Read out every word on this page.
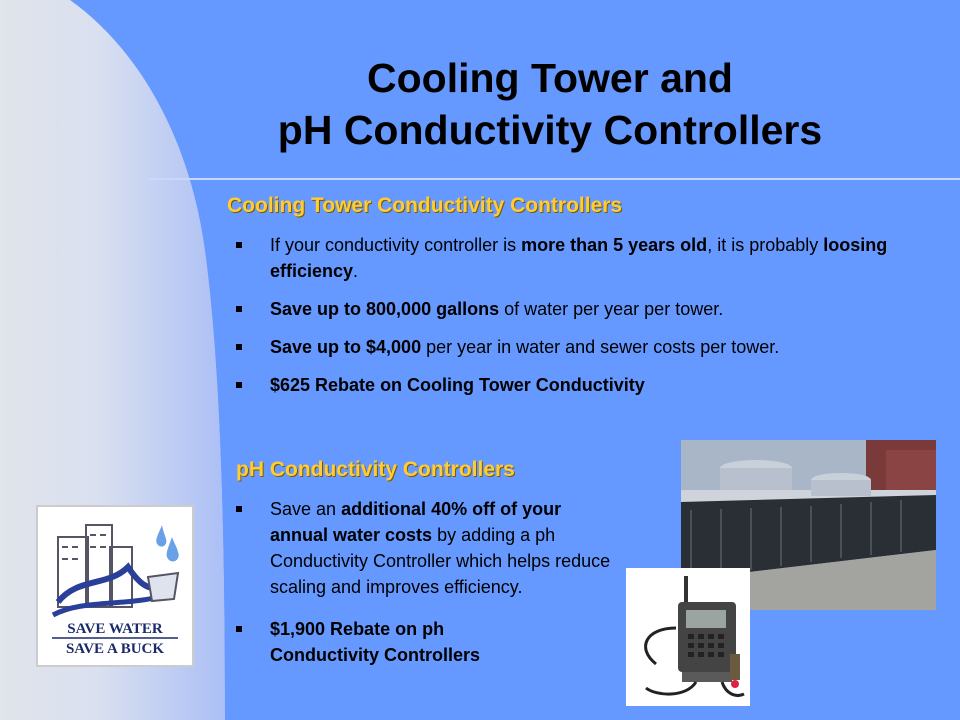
Cooling Tower and
pH Conductivity Controllers
Cooling Tower Conductivity Controllers
If your conductivity controller is more than 5 years old, it is probably loosing efficiency.
Save up to 800,000 gallons of water per year per tower.
Save up to $4,000 per year in water and sewer costs per tower.
$625 Rebate on Cooling Tower Conductivity
pH Conductivity Controllers
Save an additional 40% off of your annual water costs by adding a ph Conductivity Controller which helps reduce scaling and improves efficiency.
$1,900 Rebate on ph Conductivity Controllers
SAVE WATER
SAVE A BUCK
